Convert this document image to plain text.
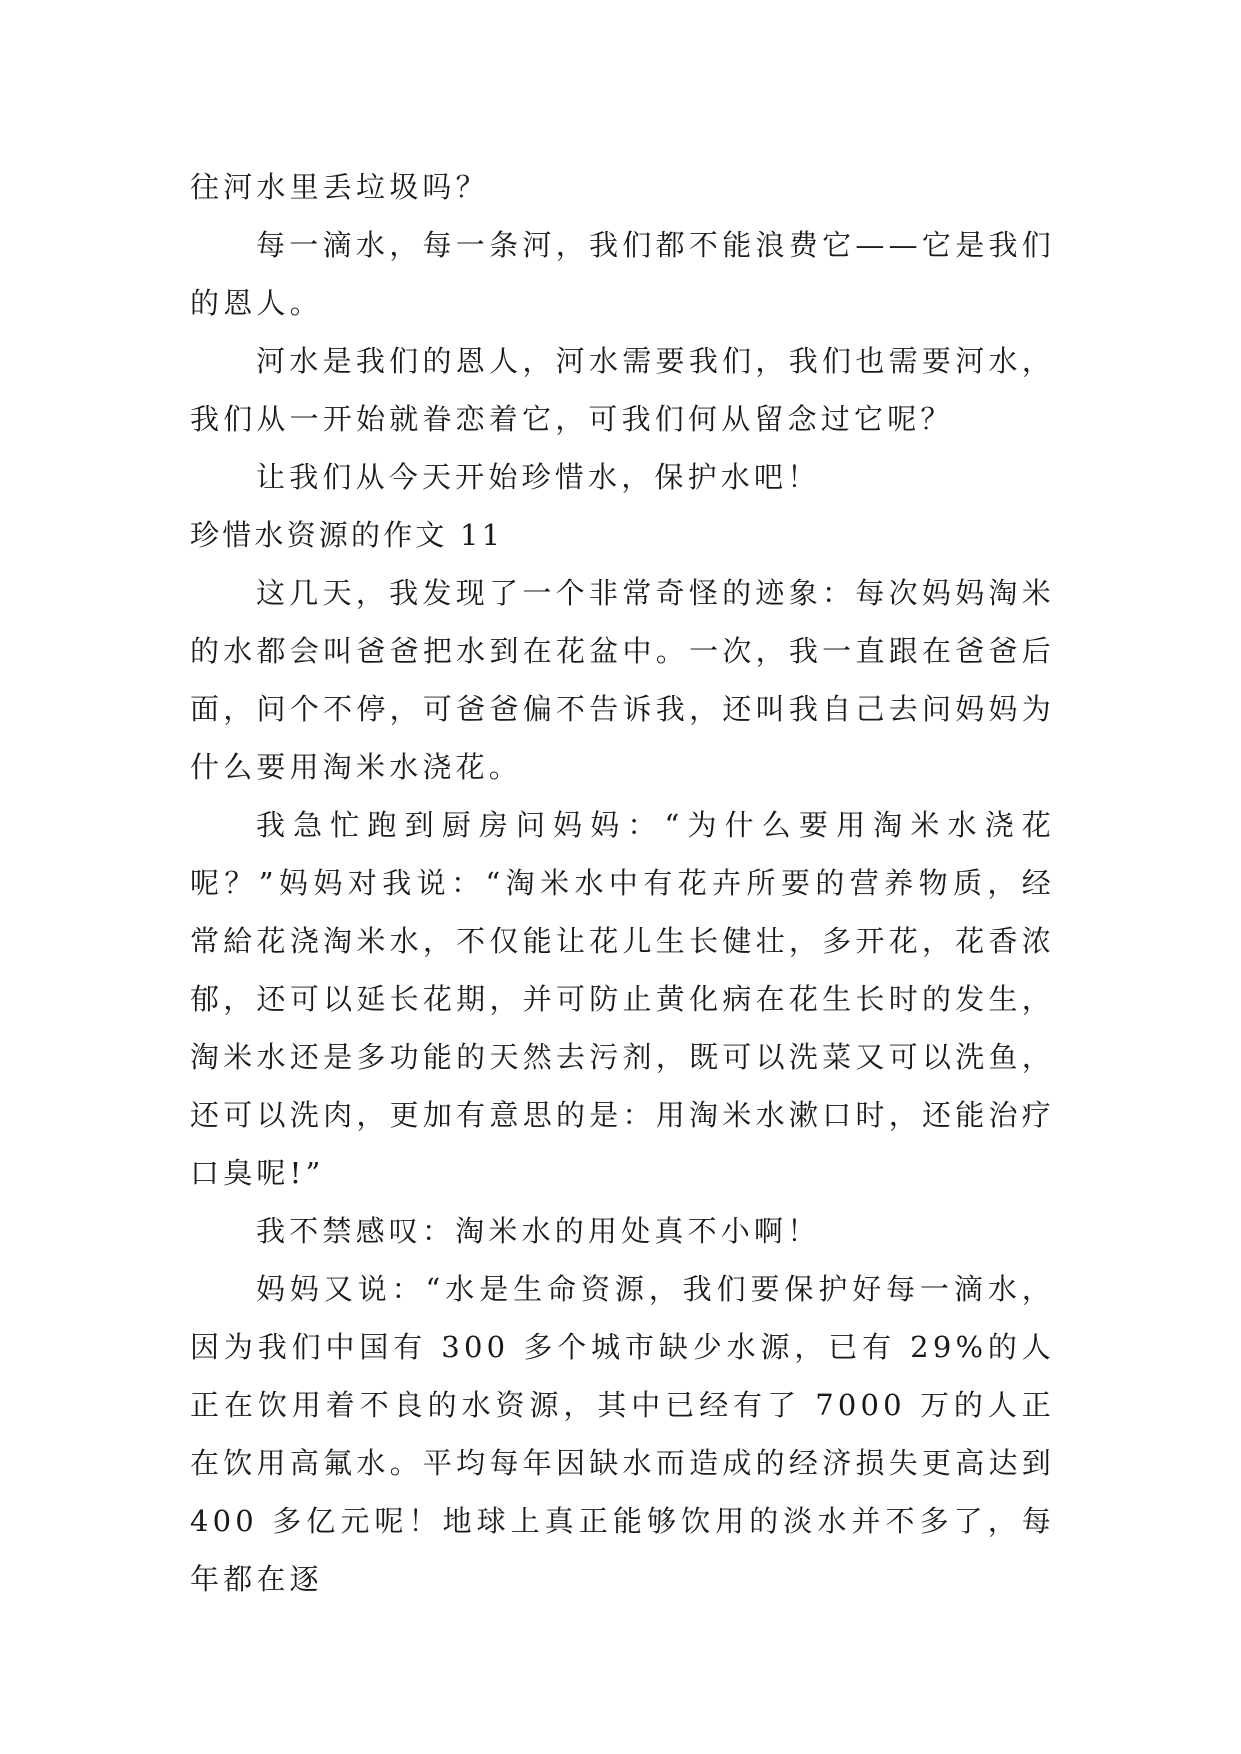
往河水里丢垃圾吗？

每一滴水，每一条河，我们都不能浪费它——它是我们的恩人。

河水是我们的恩人，河水需要我们，我们也需要河水，我们从一开始就眷恋着它，可我们何从留念过它呢？

让我们从今天开始珍惜水，保护水吧！

珍惜水资源的作文 11

这几天，我发现了一个非常奇怪的迹象：每次妈妈淘米的水都会叫爸爸把水到在花盆中。一次，我一直跟在爸爸后面，问个不停，可爸爸偏不告诉我，还叫我自己去问妈妈为什么要用淘米水浇花。

我急忙跑到厨房问妈妈：“为什么要用淘米水浇花呢？”妈妈对我说：“淘米水中有花卉所要的营养物质，经常給花浇淘米水，不仅能让花儿生长健壮，多开花，花香浓郁，还可以延长花期，并可防止黄化病在花生长时的发生，淘米水还是多功能的天然去污剂，既可以洗菜又可以洗鱼，还可以洗肉，更加有意思的是：用淘米水漱口时，还能治疗口臭呢!”

我不禁感叹：淘米水的用处真不小啊！

妈妈又说：“水是生命资源，我们要保护好每一滴水，因为我们中国有 300 多个城市缺少水源，已有 29%的人正在饮用着不良的水资源，其中已经有了 7000 万的人正在饮用高氟水。平均每年因缺水而造成的经济损失更高达到 400 多亿元呢！地球上真正能够饮用的淡水并不多了，每年都在逐
